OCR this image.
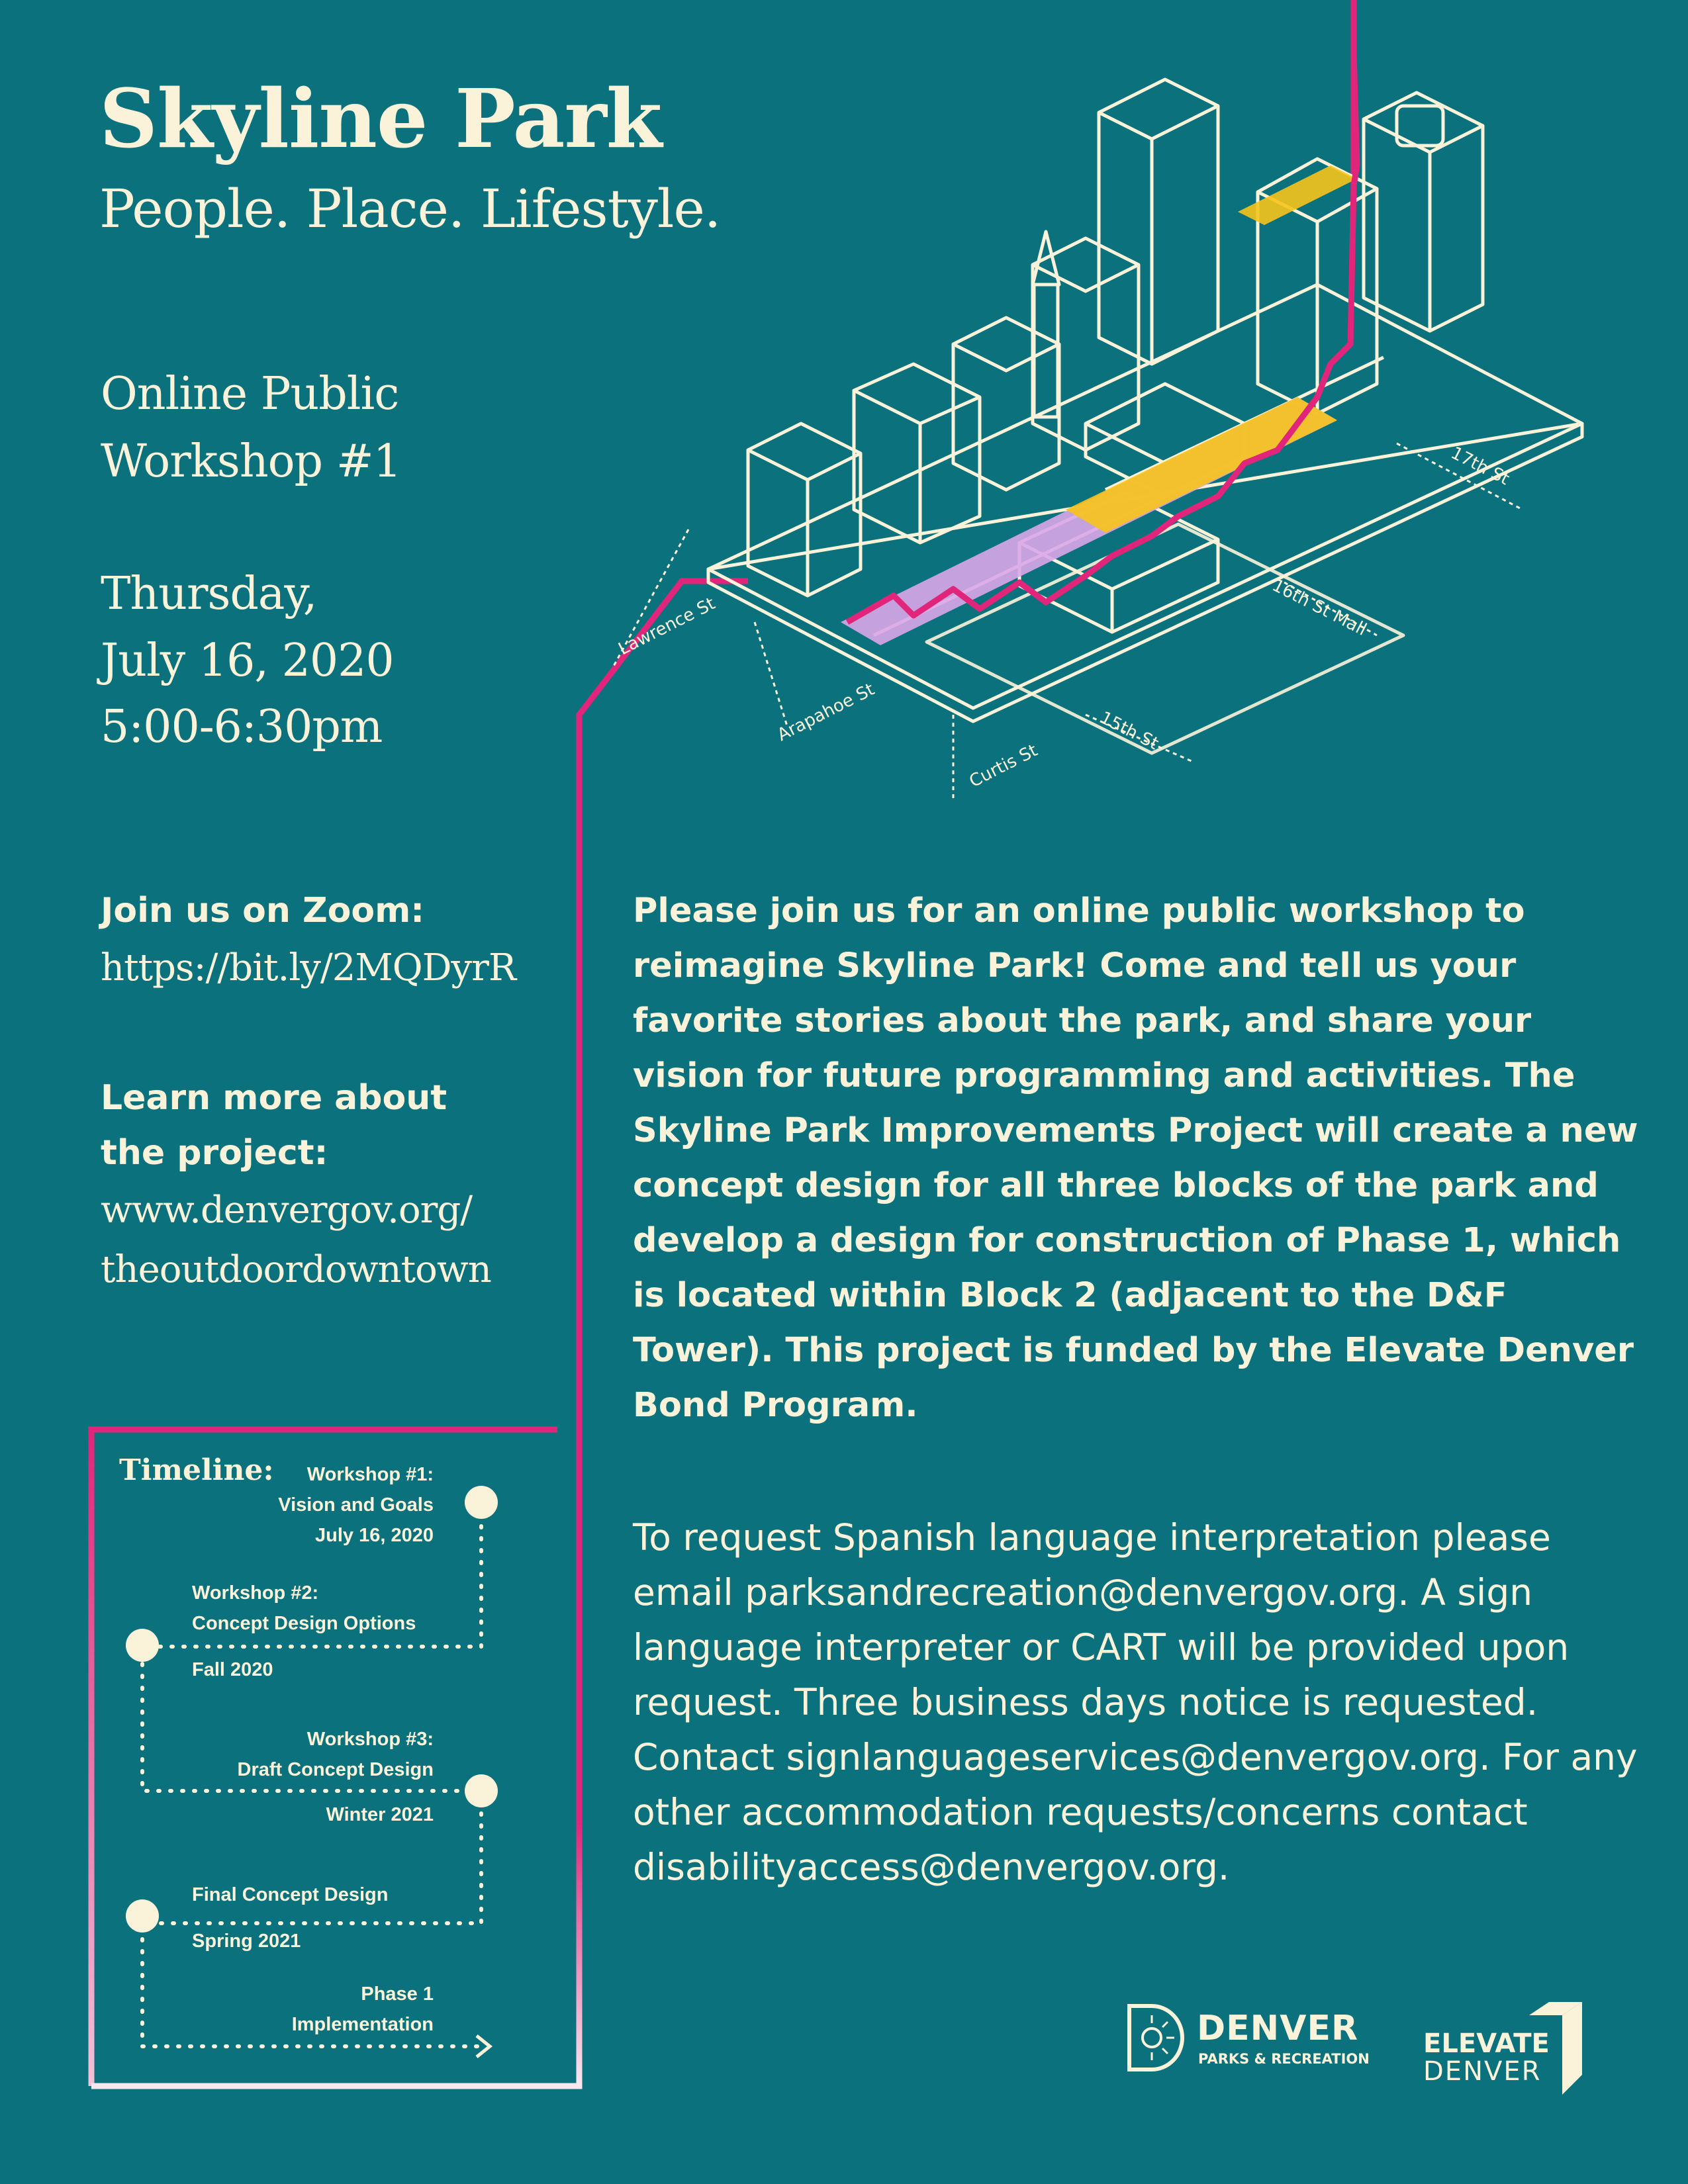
17th St
16th St Mall
15th St
Lawrence St
Arapahoe St
Curtis St
Skyline Park
People. Place. Lifestyle.
Online Public
Workshop #1
Thursday,
July 16, 2020
5:00-6:30pm
Join us on Zoom:
https://bit.ly/2MQDyrR
Learn more about
the project:
www.denvergov.org/
theoutdoordowntown
Please join us for an online public workshop to reimagine Skyline Park! Come and tell us your favorite stories about the park, and share your vision for future programming and activities. The Skyline Park Improvements Project will create a new concept design for all three blocks of the park and develop a design for construction of Phase 1, which is located within Block 2 (adjacent to the D&F Tower). This project is funded by the Elevate Denver Bond Program.
To request Spanish language interpretation please email parksandrecreation@denvergov.org. A sign language interpreter or CART will be provided upon request. Three business days notice is requested. Contact signlanguageservices@denvergov.org. For any other accommodation requests/concerns contact disabilityaccess@denvergov.org.
Timeline:	Workshop #1:
Vision and Goals
July 16, 2020
Workshop #2:
Concept Design Options
Fall 2020
Workshop #3:
Draft Concept Design
Winter 2021
Final Concept Design
Spring 2021
Phase 1
Implementation	DENVER
PARKS & RECREATION ELEVATE
DENVER
